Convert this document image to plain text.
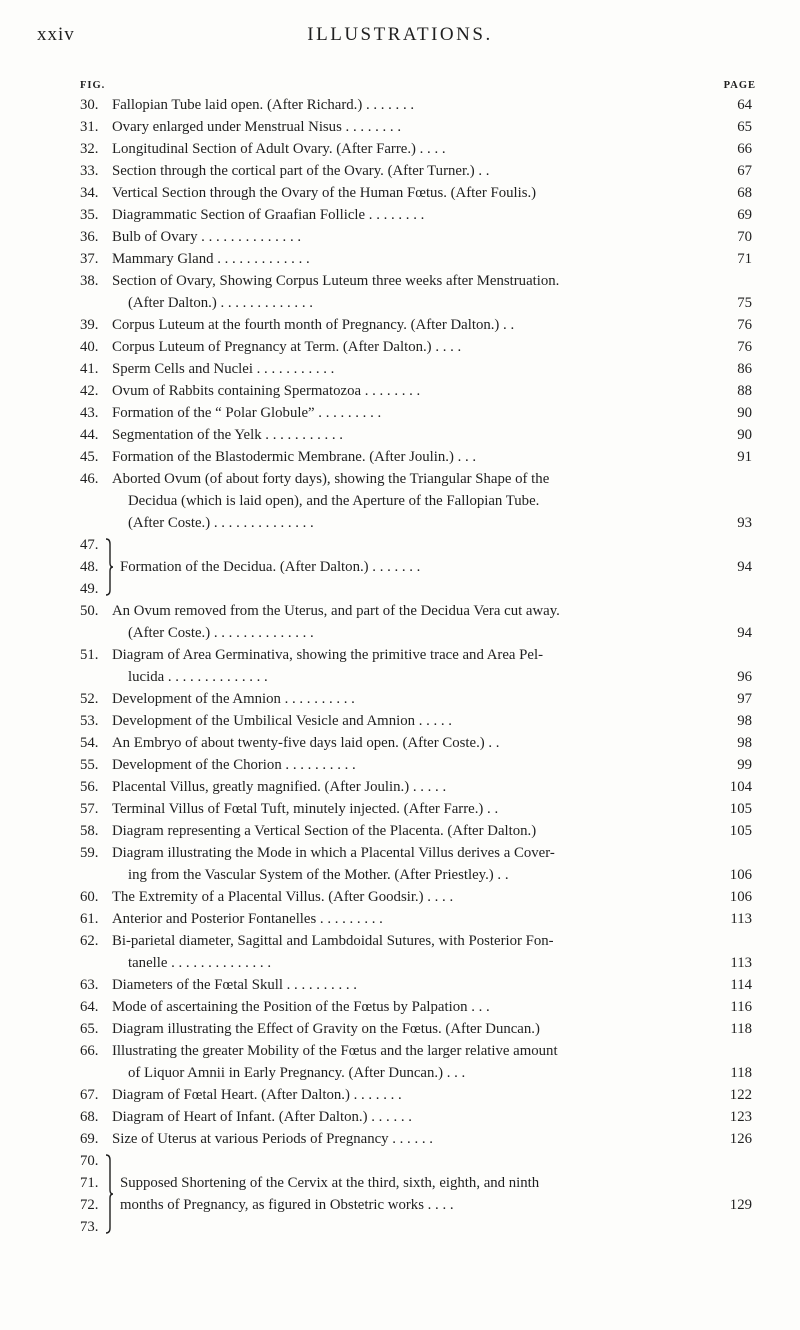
xxiv	ILLUSTRATIONS.
FIG.	PAGE
30. Fallopian Tube laid open. (After Richard.) . . . . . . .	64
31. Ovary enlarged under Menstrual Nisus . . . . . . . .	65
32. Longitudinal Section of Adult Ovary. (After Farre.) . . . .	66
33. Section through the cortical part of the Ovary. (After Turner.) . .	67
34. Vertical Section through the Ovary of the Human Fœtus. (After Foulis.)	68
35. Diagrammatic Section of Graafian Follicle . . . . . . . .	69
36. Bulb of Ovary . . . . . . . . . . . . . .	70
37. Mammary Gland . . . . . . . . . . . . .	71
38. Section of Ovary, Showing Corpus Luteum three weeks after Menstruation.
(After Dalton.) . . . . . . . . . . . . .	75
39. Corpus Luteum at the fourth month of Pregnancy. (After Dalton.) . .	76
40. Corpus Luteum of Pregnancy at Term. (After Dalton.) . . . .	76
41. Sperm Cells and Nuclei . . . . . . . . . . .	86
42. Ovum of Rabbits containing Spermatozoa . . . . . . . .	88
43. Formation of the “ Polar Globule” . . . . . . . . .	90
44. Segmentation of the Yelk . . . . . . . . . . .	90
45. Formation of the Blastodermic Membrane. (After Joulin.) . . .	91
46. Aborted Ovum (of about forty days), showing the Triangular Shape of the
Decidua (which is laid open), and the Aperture of the Fallopian Tube.
(After Coste.) . . . . . . . . . . . . . .	93
47.
48.	Formation of the Decidua. (After Dalton.) . . . . . . .	94
49.
50. An Ovum removed from the Uterus, and part of the Decidua Vera cut away.
(After Coste.) . . . . . . . . . . . . . .	94
51. Diagram of Area Germinativa, showing the primitive trace and Area Pel-
lucida . . . . . . . . . . . . . .	96
52. Development of the Amnion . . . . . . . . . .	97
53. Development of the Umbilical Vesicle and Amnion . . . . .	98
54. An Embryo of about twenty-five days laid open. (After Coste.) . .	98
55. Development of the Chorion . . . . . . . . . .	99
56. Placental Villus, greatly magnified. (After Joulin.) . . . . .	104
57. Terminal Villus of Fœtal Tuft, minutely injected. (After Farre.) . .	105
58. Diagram representing a Vertical Section of the Placenta. (After Dalton.)	105
59. Diagram illustrating the Mode in which a Placental Villus derives a Cover-
ing from the Vascular System of the Mother. (After Priestley.) . .	106
60. The Extremity of a Placental Villus. (After Goodsir.) . . . .	106
61. Anterior and Posterior Fontanelles . . . . . . . . .	113
62. Bi-parietal diameter, Sagittal and Lambdoidal Sutures, with Posterior Fon-
tanelle . . . . . . . . . . . . . .	113
63. Diameters of the Fœtal Skull . . . . . . . . . .	114
64. Mode of ascertaining the Position of the Fœtus by Palpation . . .	116
65. Diagram illustrating the Effect of Gravity on the Fœtus. (After Duncan.)	118
66. Illustrating the greater Mobility of the Fœtus and the larger relative amount
of Liquor Amnii in Early Pregnancy. (After Duncan.) . . .	118
67. Diagram of Fœtal Heart. (After Dalton.) . . . . . . .	122
68. Diagram of Heart of Infant. (After Dalton.) . . . . . .	123
69. Size of Uterus at various Periods of Pregnancy . . . . . .	126
70.
71.	Supposed Shortening of the Cervix at the third, sixth, eighth, and ninth
72.	months of Pregnancy, as figured in Obstetric works . . . .	129
73.
